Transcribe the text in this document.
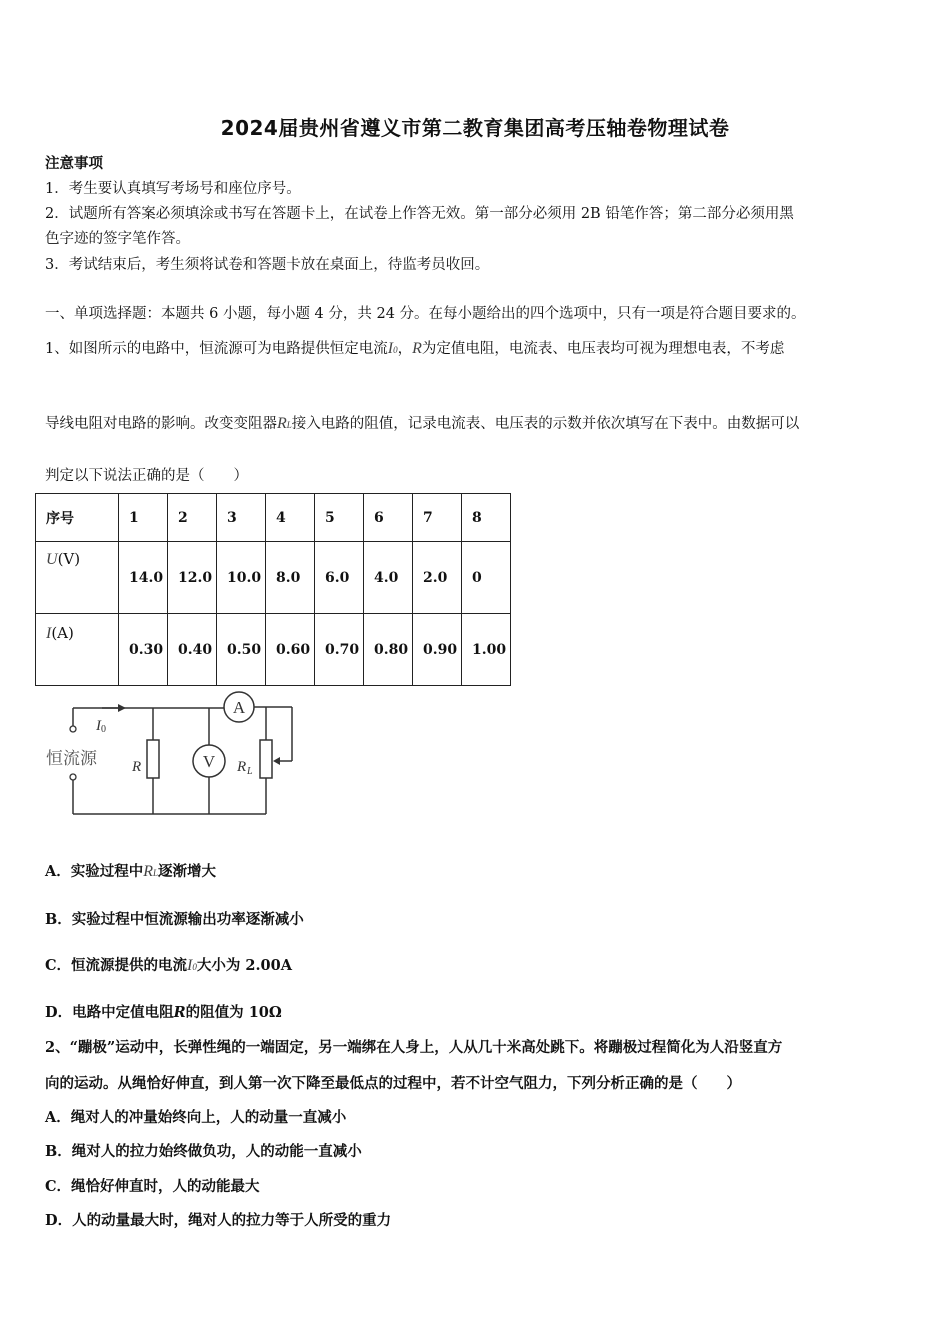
2024届贵州省遵义市第二教育集团高考压轴卷物理试卷
注意事项
1．考生要认真填写考场号和座位序号。
2．试题所有答案必须填涂或书写在答题卡上，在试卷上作答无效。第一部分必须用 2B 铅笔作答；第二部分必须用黑
色字迹的签字笔作答。
3．考试结束后，考生须将试卷和答题卡放在桌面上，待监考员收回。
一、单项选择题：本题共 6 小题，每小题 4 分，共 24 分。在每小题给出的四个选项中，只有一项是符合题目要求的。
1、如图所示的电路中，恒流源可为电路提供恒定电流I0，R为定值电阻，电流表、电压表均可视为理想电表，不考虑
导线电阻对电路的影响。改变变阻器RL接入电路的阻值，记录电流表、电压表的示数并依次填写在下表中。由数据可以
判定以下说法正确的是（　　）
序号	1	2	3	4	5	6	7	8
U(V)	14.0	12.0	10.0	8.0	6.0	4.0	2.0	0
I(A)	0.30	0.40	0.50	0.60	0.70	0.80	0.90	1.00
恒流源
I 0
R	R L
A
V
A．实验过程中RL逐渐增大
B．实验过程中恒流源输出功率逐渐减小
C．恒流源提供的电流I0大小为 2.00A
D．电路中定值电阻R的阻值为 10Ω
2、“蹦极”运动中，长弹性绳的一端固定，另一端绑在人身上，人从几十米高处跳下。将蹦极过程简化为人沿竖直方
向的运动。从绳恰好伸直，到人第一次下降至最低点的过程中，若不计空气阻力，下列分析正确的是（　　）
A．绳对人的冲量始终向上，人的动量一直减小
B．绳对人的拉力始终做负功，人的动能一直减小
C．绳恰好伸直时，人的动能最大
D．人的动量最大时，绳对人的拉力等于人所受的重力
